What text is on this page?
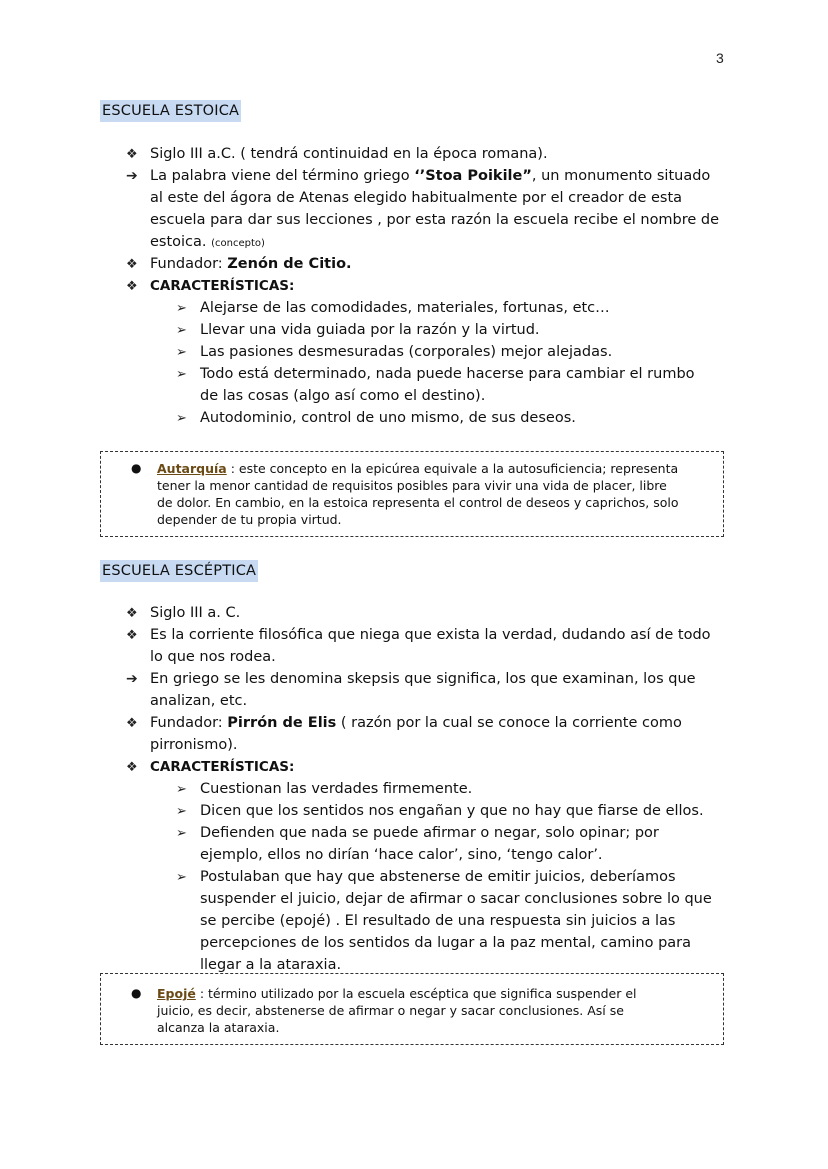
3
ESCUELA ESTOICA
❖ Siglo III a.C. ( tendrá continuidad en la época romana).
➔ La palabra viene del término griego ‘’Stoa Poikile”, un monumento situado
al este del ágora de Atenas elegido habitualmente por el creador de esta
escuela para dar sus lecciones , por esta razón la escuela recibe el nombre de
estoica. (concepto)
❖ Fundador: Zenón de Citio.
❖ CARACTERÍSTICAS:
➢ Alejarse de las comodidades, materiales, fortunas, etc…
➢ Llevar una vida guiada por la razón y la virtud.
➢ Las pasiones desmesuradas (corporales) mejor alejadas.
➢ Todo está determinado, nada puede hacerse para cambiar el rumbo
de las cosas (algo así como el destino).
➢ Autodominio, control de uno mismo, de sus deseos.
● Autarquía : este concepto en la epicúrea equivale a la autosuficiencia; representa
tener la menor cantidad de requisitos posibles para vivir una vida de placer, libre
de dolor. En cambio, en la estoica representa el control de deseos y caprichos, solo
depender de tu propia virtud.
ESCUELA ESCÉPTICA
❖ Siglo III a. C.
❖ Es la corriente filosófica que niega que exista la verdad, dudando así de todo
lo que nos rodea.
➔ En griego se les denomina skepsis que significa, los que examinan, los que
analizan, etc.
❖ Fundador: Pirrón de Elis ( razón por la cual se conoce la corriente como
pirronismo).
❖ CARACTERÍSTICAS:
➢ Cuestionan las verdades firmemente.
➢ Dicen que los sentidos nos engañan y que no hay que fiarse de ellos.
➢ Defienden que nada se puede afirmar o negar, solo opinar; por
ejemplo, ellos no dirían ‘hace calor’, sino, ‘tengo calor’.
➢ Postulaban que hay que abstenerse de emitir juicios, deberíamos
suspender el juicio, dejar de afirmar o sacar conclusiones sobre lo que
se percibe (epojé) . El resultado de una respuesta sin juicios a las
percepciones de los sentidos da lugar a la paz mental, camino para
llegar a la ataraxia.
● Epojé : término utilizado por la escuela escéptica que significa suspender el
juicio, es decir, abstenerse de afirmar o negar y sacar conclusiones. Así se
alcanza la ataraxia.
